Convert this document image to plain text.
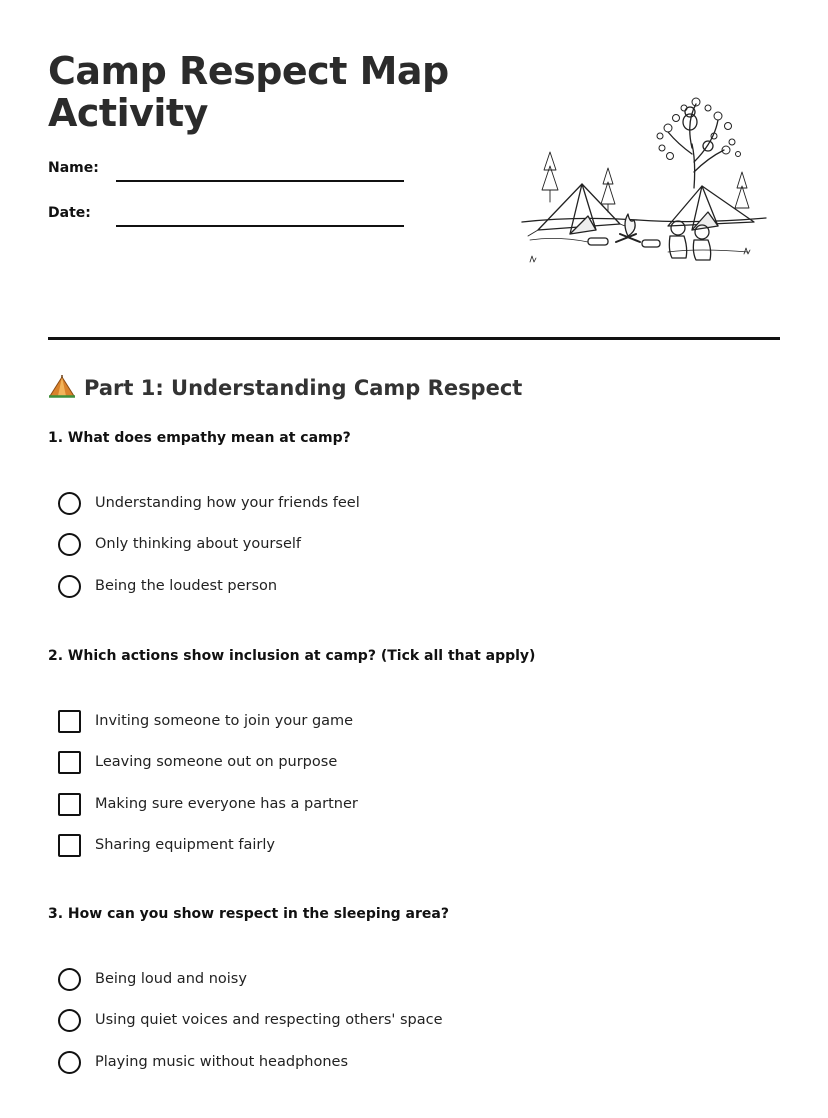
Camp Respect Map Activity
Name:
Date:
Part 1: Understanding Camp Respect

1. What does empathy mean at camp?

Understanding how your friends feel
Only thinking about yourself
Being the loudest person

2. Which actions show inclusion at camp? (Tick all that apply)

Inviting someone to join your game
Leaving someone out on purpose
Making sure everyone has a partner
Sharing equipment fairly

3. How can you show respect in the sleeping area?

Being loud and noisy
Using quiet voices and respecting others' space
Playing music without headphones
